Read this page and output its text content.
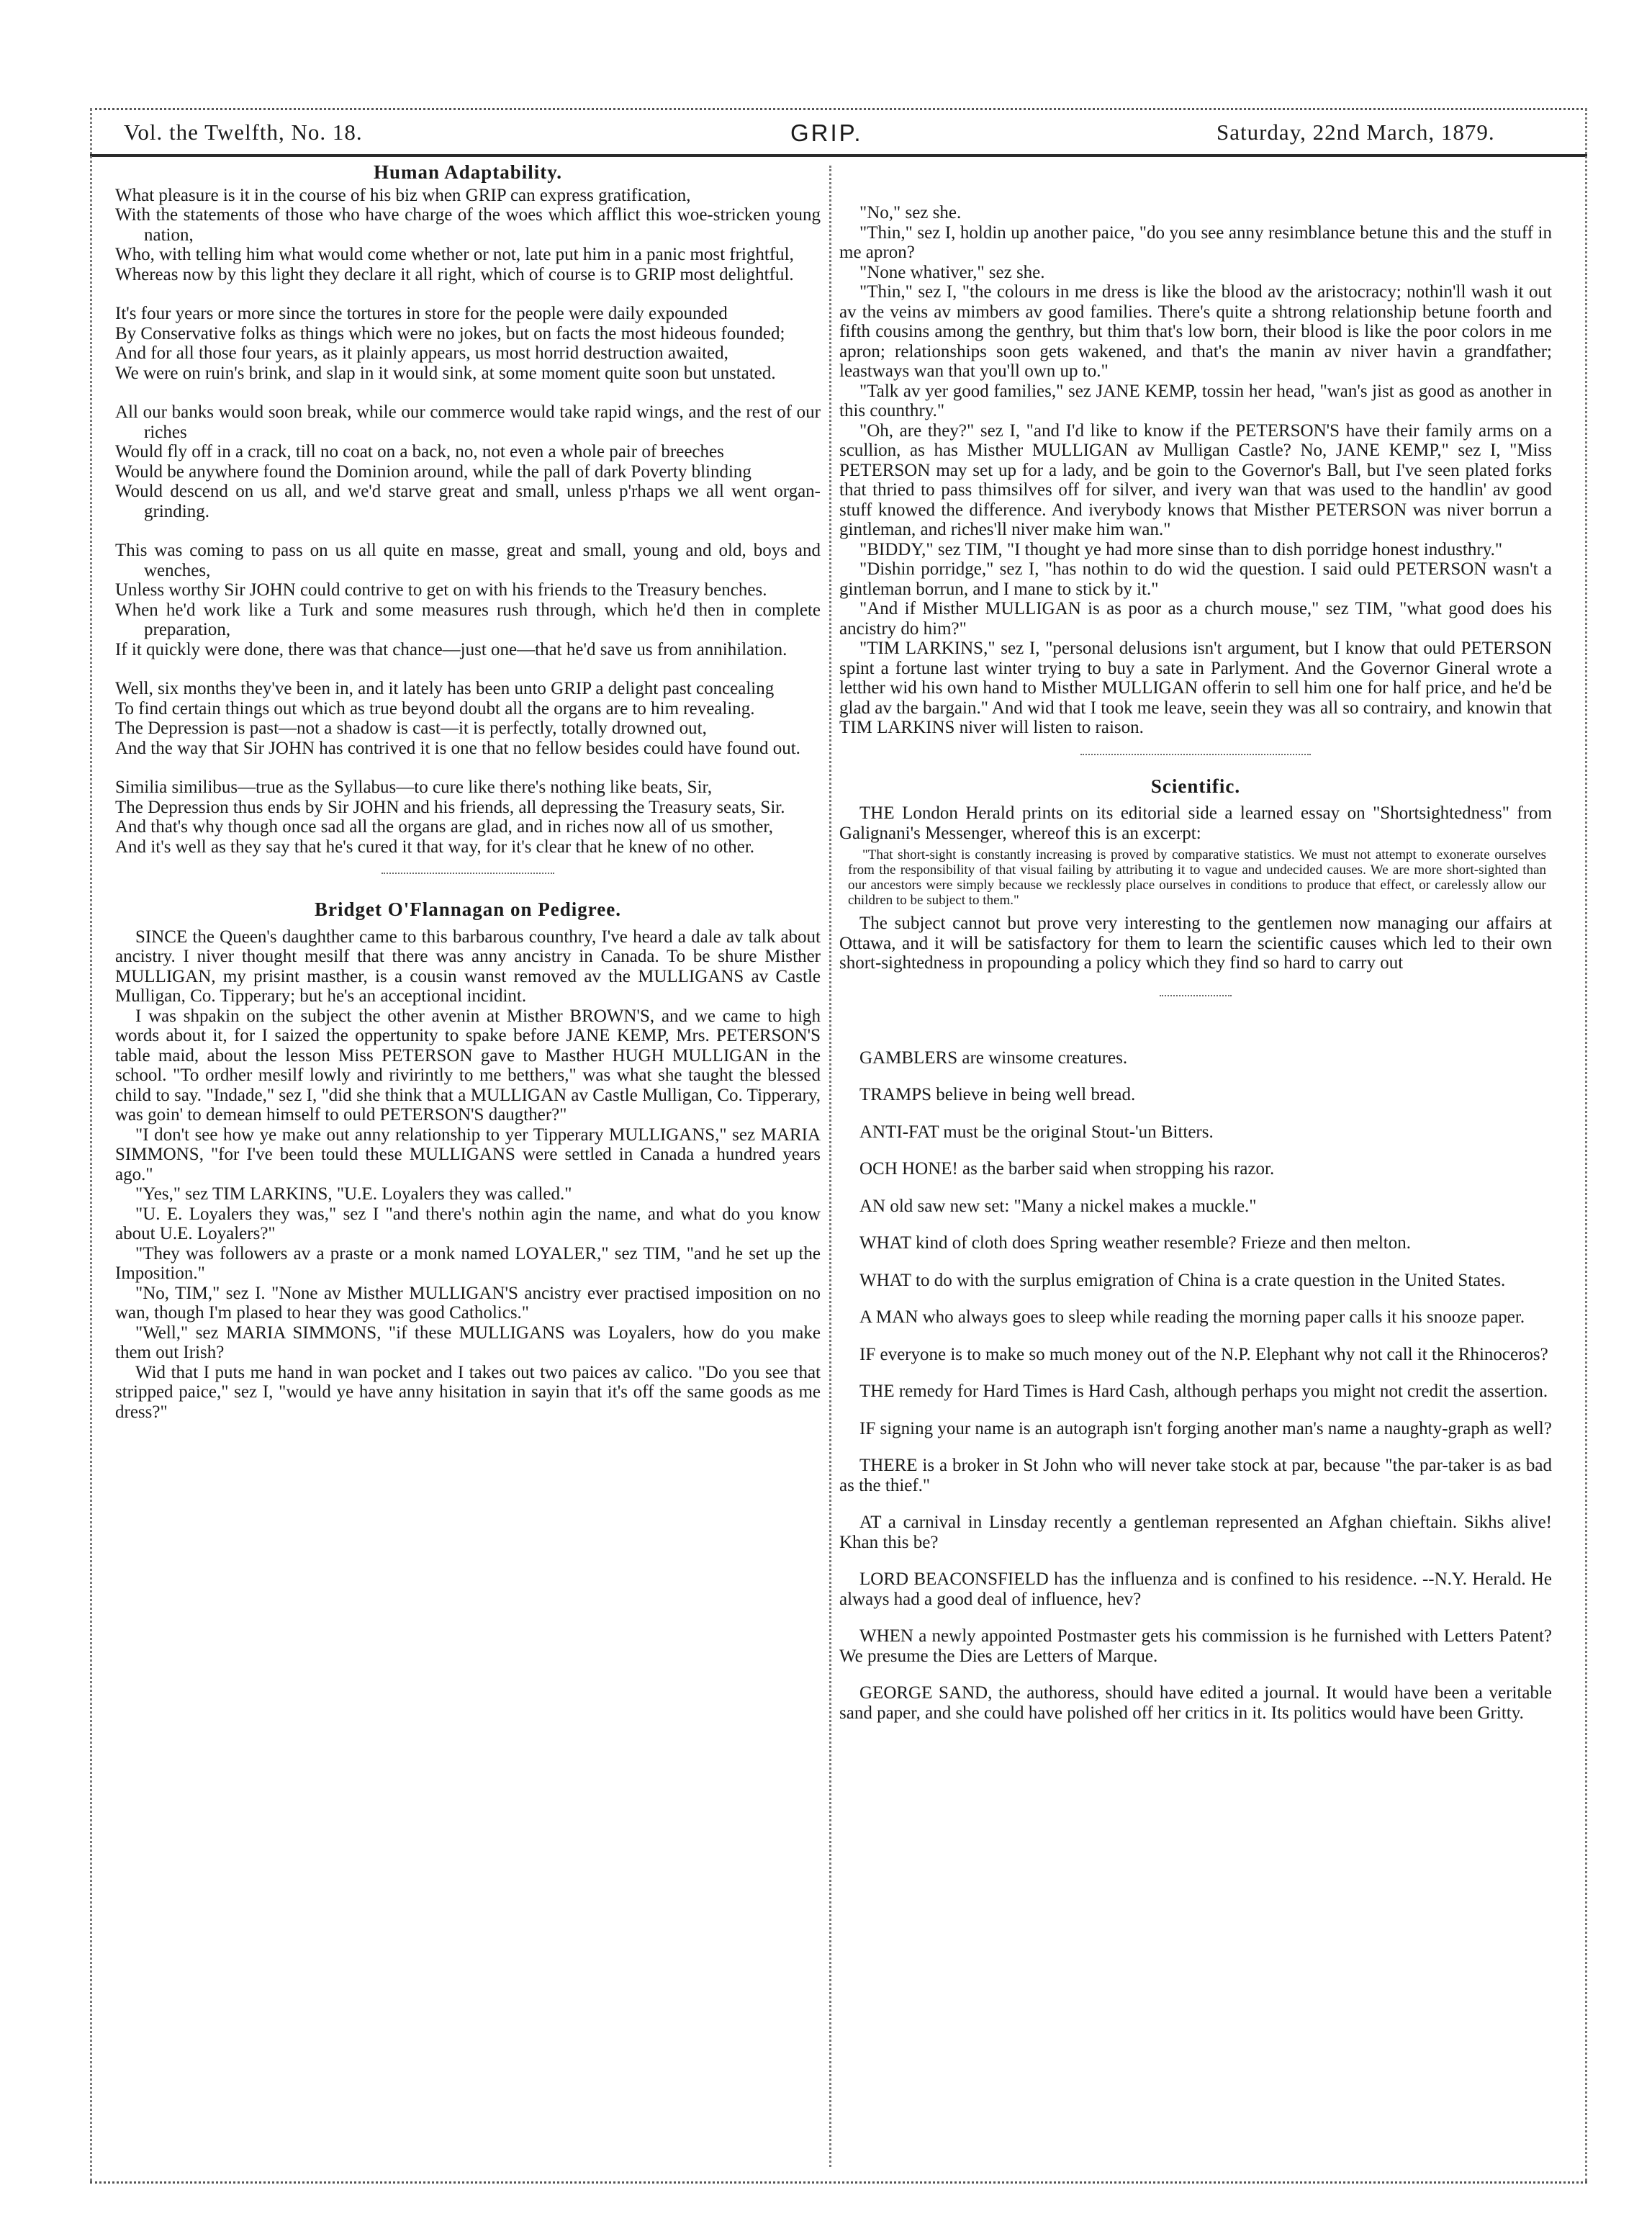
Vol. the Twelfth, No. 18.	GRIP.	Saturday, 22nd March, 1879.
Human Adaptability.

What pleasure is it in the course of his biz when GRIP can express gratification,

With the statements of those who have charge of the woes which afflict this woe-stricken young nation,

Who, with telling him what would come whether or not, late put him in a panic most frightful,

Whereas now by this light they declare it all right, which of course is to GRIP most delightful.

It's four years or more since the tortures in store for the people were daily expounded

By Conservative folks as things which were no jokes, but on facts the most hideous founded;

And for all those four years, as it plainly appears, us most horrid destruction awaited,

We were on ruin's brink, and slap in it would sink, at some moment quite soon but unstated.

All our banks would soon break, while our commerce would take rapid wings, and the rest of our riches

Would fly off in a crack, till no coat on a back, no, not even a whole pair of breeches

Would be anywhere found the Dominion around, while the pall of dark Poverty blinding

Would descend on us all, and we'd starve great and small, unless p'rhaps we all went organ-grinding.

This was coming to pass on us all quite en masse, great and small, young and old, boys and wenches,

Unless worthy Sir JOHN could contrive to get on with his friends to the Treasury benches.

When he'd work like a Turk and some measures rush through, which he'd then in complete preparation,

If it quickly were done, there was that chance—just one—that he'd save us from annihilation.

Well, six months they've been in, and it lately has been unto GRIP a delight past concealing

To find certain things out which as true beyond doubt all the organs are to him revealing.

The Depression is past—not a shadow is cast—it is perfectly, totally drowned out,

And the way that Sir JOHN has contrived it is one that no fellow besides could have found out.

Similia similibus—true as the Syllabus—to cure like there's nothing like beats, Sir,

The Depression thus ends by Sir JOHN and his friends, all depressing the Treasury seats, Sir.

And that's why though once sad all the organs are glad, and in riches now all of us smother,

And it's well as they say that he's cured it that way, for it's clear that he knew of no other.

Bridget O'Flannagan on Pedigree.

SINCE the Queen's daughther came to this barbarous counthry, I've heard a dale av talk about ancistry. I niver thought mesilf that there was anny ancistry in Canada. To be shure Misther MULLIGAN, my prisint masther, is a cousin wanst removed av the MULLIGANS av Castle Mulligan, Co. Tipperary; but he's an acceptional incidint.

I was shpakin on the subject the other avenin at Misther BROWN'S, and we came to high words about it, for I saized the oppertunity to spake before JANE KEMP, Mrs. PETERSON'S table maid, about the lesson Miss PETERSON gave to Masther HUGH MULLIGAN in the school. "To ordher mesilf lowly and rivirintly to me betthers," was what she taught the blessed child to say. "Indade," sez I, "did she think that a MULLIGAN av Castle Mulligan, Co. Tipperary, was goin' to demean himself to ould PETERSON'S daugther?"

"I don't see how ye make out anny relationship to yer Tipperary MULLIGANS," sez MARIA SIMMONS, "for I've been tould these MULLIGANS were settled in Canada a hundred years ago."

"Yes," sez TIM LARKINS, "U.E. Loyalers they was called."

"U. E. Loyalers they was," sez I "and there's nothin agin the name, and what do you know about U.E. Loyalers?"

"They was followers av a praste or a monk named LOYALER," sez TIM, "and he set up the Imposition."

"No, TIM," sez I. "None av Misther MULLIGAN'S ancistry ever practised imposition on no wan, though I'm plased to hear they was good Catholics."

"Well," sez MARIA SIMMONS, "if these MULLIGANS was Loyalers, how do you make them out Irish?

Wid that I puts me hand in wan pocket and I takes out two paices av calico. "Do you see that stripped paice," sez I, "would ye have anny hisitation in sayin that it's off the same goods as me dress?"

"No," sez she.

"Thin," sez I, holdin up another paice, "do you see anny resimblance betune this and the stuff in me apron?

"None whativer," sez she.

"Thin," sez I, "the colours in me dress is like the blood av the aristocracy; nothin'll wash it out av the veins av mimbers av good families. There's quite a shtrong relationship betune foorth and fifth cousins among the genthry, but thim that's low born, their blood is like the poor colors in me apron; relationships soon gets wakened, and that's the manin av niver havin a grandfather; leastways wan that you'll own up to."

"Talk av yer good families," sez JANE KEMP, tossin her head, "wan's jist as good as another in this counthry."

"Oh, are they?" sez I, "and I'd like to know if the PETERSON'S have their family arms on a scullion, as has Misther MULLIGAN av Mulligan Castle? No, JANE KEMP," sez I, "Miss PETERSON may set up for a lady, and be goin to the Governor's Ball, but I've seen plated forks that thried to pass thimsilves off for silver, and ivery wan that was used to the handlin' av good stuff knowed the difference. And iverybody knows that Misther PETERSON was niver borrun a gintleman, and riches'll niver make him wan."

"BIDDY," sez TIM, "I thought ye had more sinse than to dish porridge honest industhry."

"Dishin porridge," sez I, "has nothin to do wid the question. I said ould PETERSON wasn't a gintleman borrun, and I mane to stick by it."

"And if Misther MULLIGAN is as poor as a church mouse," sez TIM, "what good does his ancistry do him?"

"TIM LARKINS," sez I, "personal delusions isn't argument, but I know that ould PETERSON spint a fortune last winter trying to buy a sate in Parlyment. And the Governor Gineral wrote a letther wid his own hand to Misther MULLIGAN offerin to sell him one for half price, and he'd be glad av the bargain." And wid that I took me leave, seein they was all so contrairy, and knowin that TIM LARKINS niver will listen to raison.

Scientific.

THE London Herald prints on its editorial side a learned essay on "Shortsightedness" from Galignani's Messenger, whereof this is an excerpt:

"That short-sight is constantly increasing is proved by comparative statistics. We must not attempt to exonerate ourselves from the responsibility of that visual failing by attributing it to vague and undecided causes. We are more short-sighted than our ancestors were simply because we recklessly place ourselves in conditions to produce that effect, or carelessly allow our children to be subject to them."

The subject cannot but prove very interesting to the gentlemen now managing our affairs at Ottawa, and it will be satisfactory for them to learn the scientific causes which led to their own short-sightedness in propounding a policy which they find so hard to carry out

GAMBLERS are winsome creatures.

TRAMPS believe in being well bread.

ANTI-FAT must be the original Stout-'un Bitters.

OCH HONE! as the barber said when stropping his razor.

AN old saw new set: "Many a nickel makes a muckle."

WHAT kind of cloth does Spring weather resemble? Frieze and then melton.

WHAT to do with the surplus emigration of China is a crate question in the United States.

A MAN who always goes to sleep while reading the morning paper calls it his snooze paper.

IF everyone is to make so much money out of the N.P. Elephant why not call it the Rhinoceros?

THE remedy for Hard Times is Hard Cash, although perhaps you might not credit the assertion.

IF signing your name is an autograph isn't forging another man's name a naughty-graph as well?

THERE is a broker in St John who will never take stock at par, because "the par-taker is as bad as the thief."

AT a carnival in Linsday recently a gentleman represented an Afghan chieftain. Sikhs alive! Khan this be?

LORD BEACONSFIELD has the influenza and is confined to his residence. --N.Y. Herald. He always had a good deal of influence, hev?

WHEN a newly appointed Postmaster gets his commission is he furnished with Letters Patent? We presume the Dies are Letters of Marque.

GEORGE SAND, the authoress, should have edited a journal. It would have been a veritable sand paper, and she could have polished off her critics in it. Its politics would have been Gritty.
